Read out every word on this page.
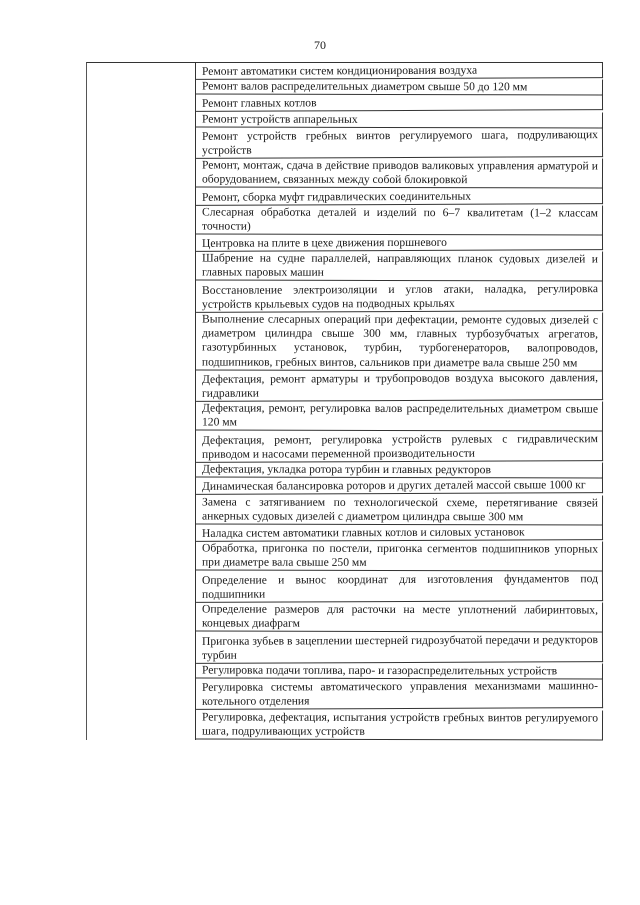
70
Ремонт автоматики систем кондиционирования воздуха
Ремонт валов распределительных диаметром свыше 50 до 120 мм
Ремонт главных котлов
Ремонт устройств аппарельных
Ремонт устройств гребных винтов регулируемого шага, подруливающих устройств
Ремонт, монтаж, сдача в действие приводов валиковых управления арматурой и оборудованием, связанных между собой блокировкой
Ремонт, сборка муфт гидравлических соединительных
Слесарная обработка деталей и изделий по 6–7 квалитетам (1–2 классам точности)
Центровка на плите в цехе движения поршневого
Шабрение на судне параллелей, направляющих планок судовых дизелей и главных паровых машин
Восстановление электроизоляции и углов атаки, наладка, регулировка устройств крыльевых судов на подводных крыльях
Выполнение слесарных операций при дефектации, ремонте судовых дизелей с диаметром цилиндра свыше 300 мм, главных турбозубчатых агрегатов, газотурбинных установок, турбин, турбогенераторов, валопроводов, подшипников, гребных винтов, сальников при диаметре вала свыше 250 мм
Дефектация, ремонт арматуры и трубопроводов воздуха высокого давления, гидравлики
Дефектация, ремонт, регулировка валов распределительных диаметром свыше 120 мм
Дефектация, ремонт, регулировка устройств рулевых с гидравлическим приводом и насосами переменной производительности
Дефектация, укладка ротора турбин и главных редукторов
Динамическая балансировка роторов и других деталей массой свыше 1000 кг
Замена с затягиванием по технологической схеме, перетягивание связей анкерных судовых дизелей с диаметром цилиндра свыше 300 мм
Наладка систем автоматики главных котлов и силовых установок
Обработка, пригонка по постели, пригонка сегментов подшипников упорных при диаметре вала свыше 250 мм
Определение и вынос координат для изготовления фундаментов под подшипники
Определение размеров для расточки на месте уплотнений лабиринтовых, концевых диафрагм
Пригонка зубьев в зацеплении шестерней гидрозубчатой передачи и редукторов турбин
Регулировка подачи топлива, паро- и газораспределительных устройств
Регулировка системы автоматического управления механизмами машинно-котельного отделения
Регулировка, дефектация, испытания устройств гребных винтов регулируемого шага, подруливающих устройств
